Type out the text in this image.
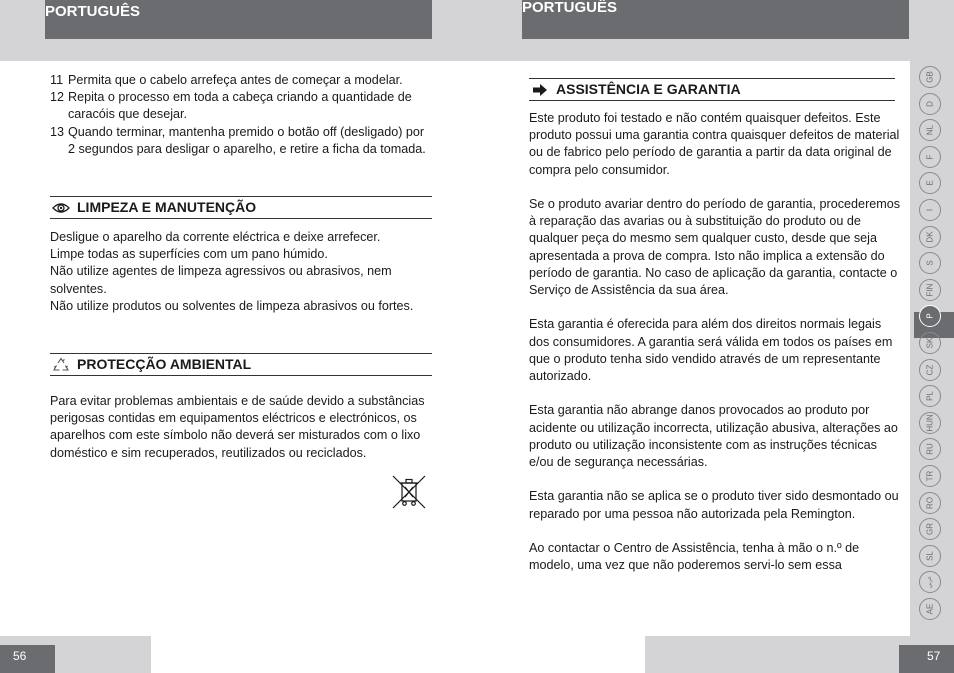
PORTUGUÊS	PORTUGUÊS
56	57
11 Permita que o cabelo arrefeça antes de começar a modelar.
12 Repita o processo em toda a cabeça criando a quantidade de caracóis que desejar.
13 Quando terminar, mantenha premido o botão off (desligado) por 2 segundos para desligar o aparelho, e retire a ficha da tomada.
LIMPEZA E MANUTENÇÃO

Desligue o aparelho da corrente eléctrica e deixe arrefecer.

Limpe todas as superfícies com um pano húmido.

Não utilize agentes de limpeza agressivos ou abrasivos, nem solventes.

Não utilize produtos ou solventes de limpeza abrasivos ou fortes.

PROTECÇÃO AMBIENTAL
Para evitar problemas ambientais e de saúde devido a substâncias perigosas contidas em equipamentos eléctricos e electrónicos, os aparelhos com este símbolo não deverá ser misturados com o lixo doméstico e sim recuperados, reutilizados ou reciclados.
ASSISTÊNCIA E GARANTIA

Este produto foi testado e não contém quaisquer defeitos. Este produto possui uma garantia contra quaisquer defeitos de material ou de fabrico pelo período de garantia a partir da data original de compra pelo consumidor.

Se o produto avariar dentro do período de garantia, procederemos à reparação das avarias ou à substituição do produto ou de qualquer peça do mesmo sem qualquer custo, desde que seja apresentada a prova de compra. Isto não implica a extensão do período de garantia. No caso de aplicação da garantia, contacte o Serviço de Assistência da sua área.

Esta garantia é oferecida para além dos direitos normais legais dos consumidores. A garantia será válida em todos os países em que o produto tenha sido vendido através de um representante autorizado.

Esta garantia não abrange danos provocados ao produto por acidente ou utilização incorrecta, utilização abusiva, alterações ao produto ou utilização inconsistente com as instruções técnicas e/ou de segurança necessárias.

Esta garantia não se aplica se o produto tiver sido desmontado ou reparado por uma pessoa não autorizada pela Remington.

Ao contactar o Centro de Assistência, tenha à mão o n.º de modelo, uma vez que não poderemos servi-lo sem essa

GB
D
NL
F
E
I
DK
S
FIN
P
SK
CZ
PL
HUN
RU
TR
RO
GR
SL
عربي
AE
